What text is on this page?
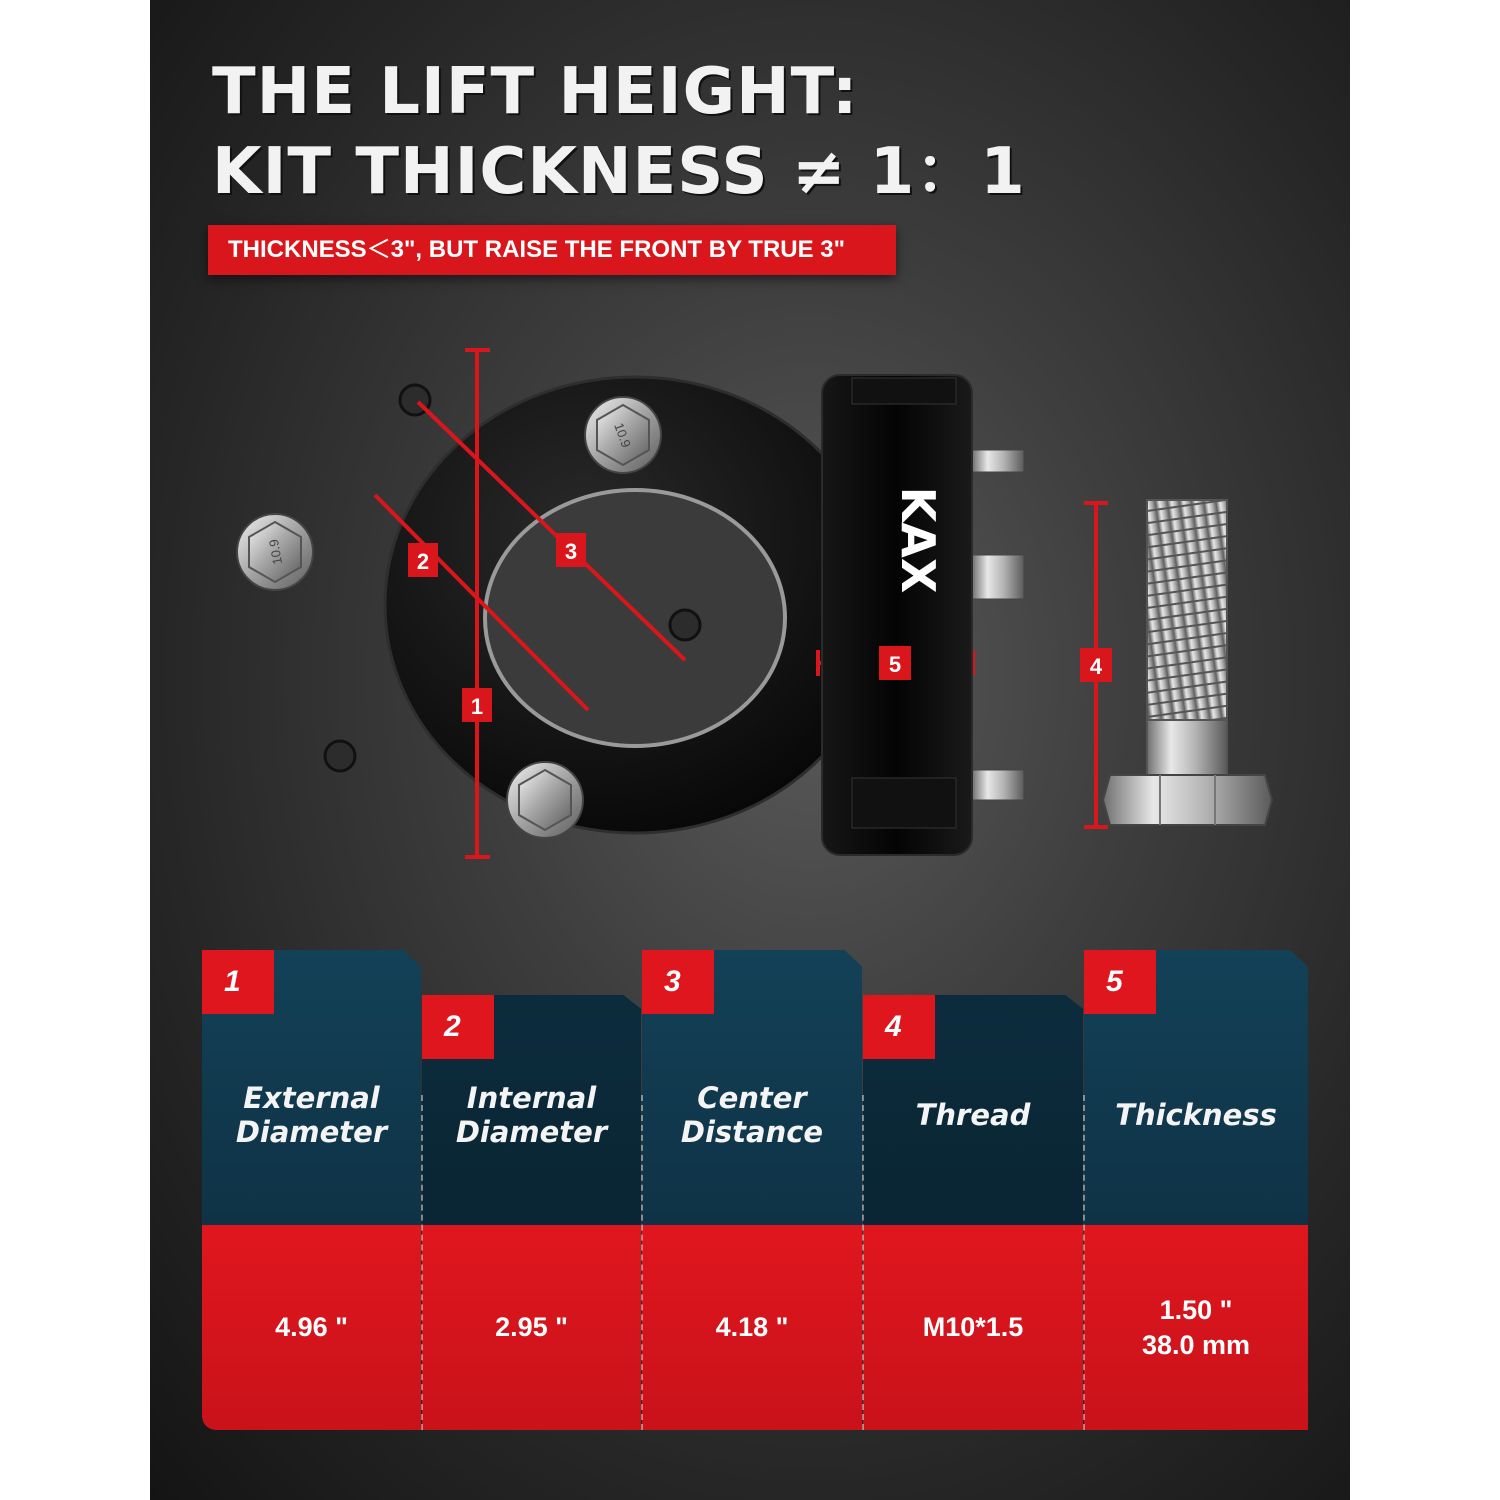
THE LIFT HEIGHT:
KIT THICKNESS ≠ 1：1
THICKNESS＜3", BUT RAISE THE FRONT BY TRUE 3"
10.9
10.9	KAX
1
2	3
4
5
1
External Diameter
4.96 "
2
Internal Diameter
2.95 "
3
Center Distance
4.18 "
4
Thread
M10*1.5
5
Thickness
1.50 "
38.0 mm
